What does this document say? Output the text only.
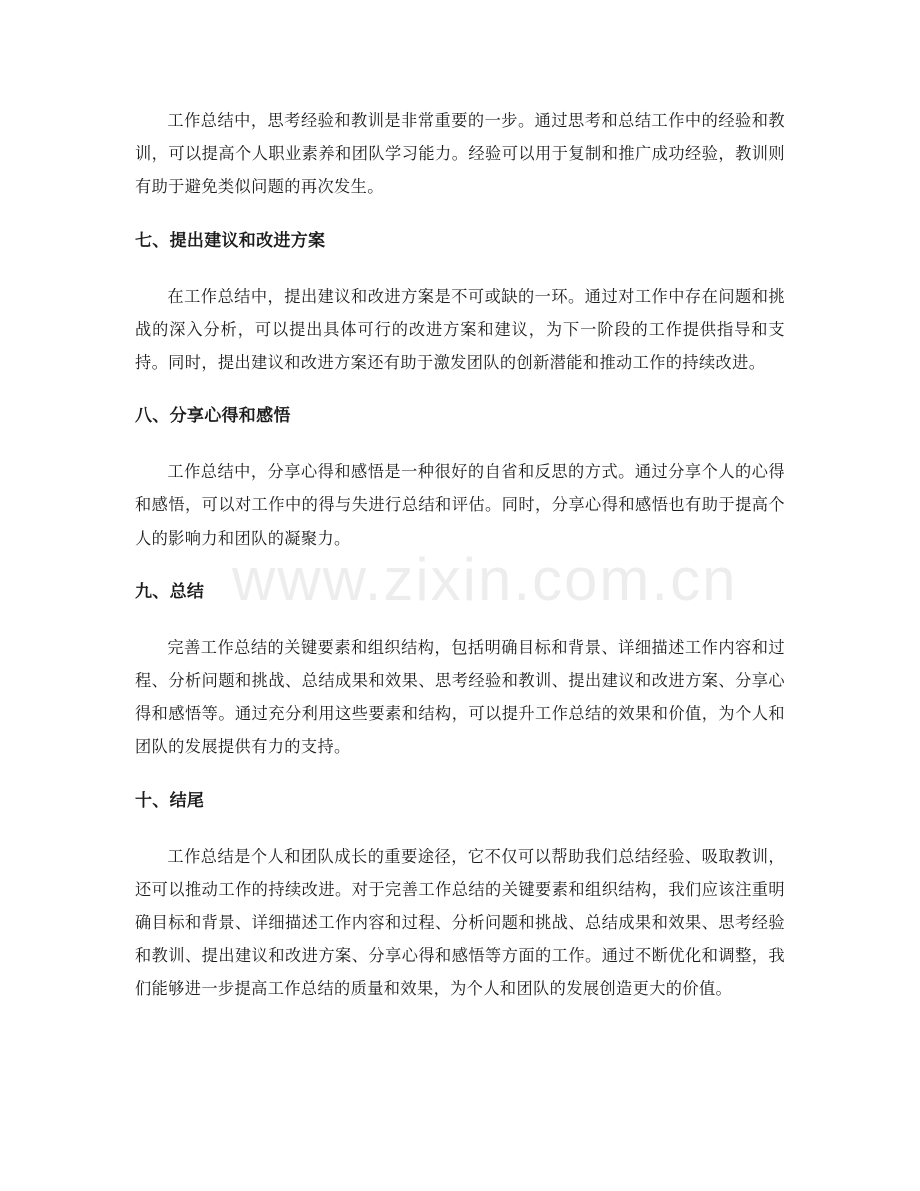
工作总结中，思考经验和教训是非常重要的一步。通过思考和总结工作中的经验和教训，可以提高个人职业素养和团队学习能力。经验可以用于复制和推广成功经验，教训则有助于避免类似问题的再次发生。

七、提出建议和改进方案

在工作总结中，提出建议和改进方案是不可或缺的一环。通过对工作中存在问题和挑战的深入分析，可以提出具体可行的改进方案和建议，为下一阶段的工作提供指导和支持。同时，提出建议和改进方案还有助于激发团队的创新潜能和推动工作的持续改进。

八、分享心得和感悟

工作总结中，分享心得和感悟是一种很好的自省和反思的方式。通过分享个人的心得和感悟，可以对工作中的得与失进行总结和评估。同时，分享心得和感悟也有助于提高个人的影响力和团队的凝聚力。

九、总结

完善工作总结的关键要素和组织结构，包括明确目标和背景、详细描述工作内容和过程、分析问题和挑战、总结成果和效果、思考经验和教训、提出建议和改进方案、分享心得和感悟等。通过充分利用这些要素和结构，可以提升工作总结的效果和价值，为个人和团队的发展提供有力的支持。

十、结尾

工作总结是个人和团队成长的重要途径，它不仅可以帮助我们总结经验、吸取教训，还可以推动工作的持续改进。对于完善工作总结的关键要素和组织结构，我们应该注重明确目标和背景、详细描述工作内容和过程、分析问题和挑战、总结成果和效果、思考经验和教训、提出建议和改进方案、分享心得和感悟等方面的工作。通过不断优化和调整，我们能够进一步提高工作总结的质量和效果，为个人和团队的发展创造更大的价值。

www.zixin.com.cn
